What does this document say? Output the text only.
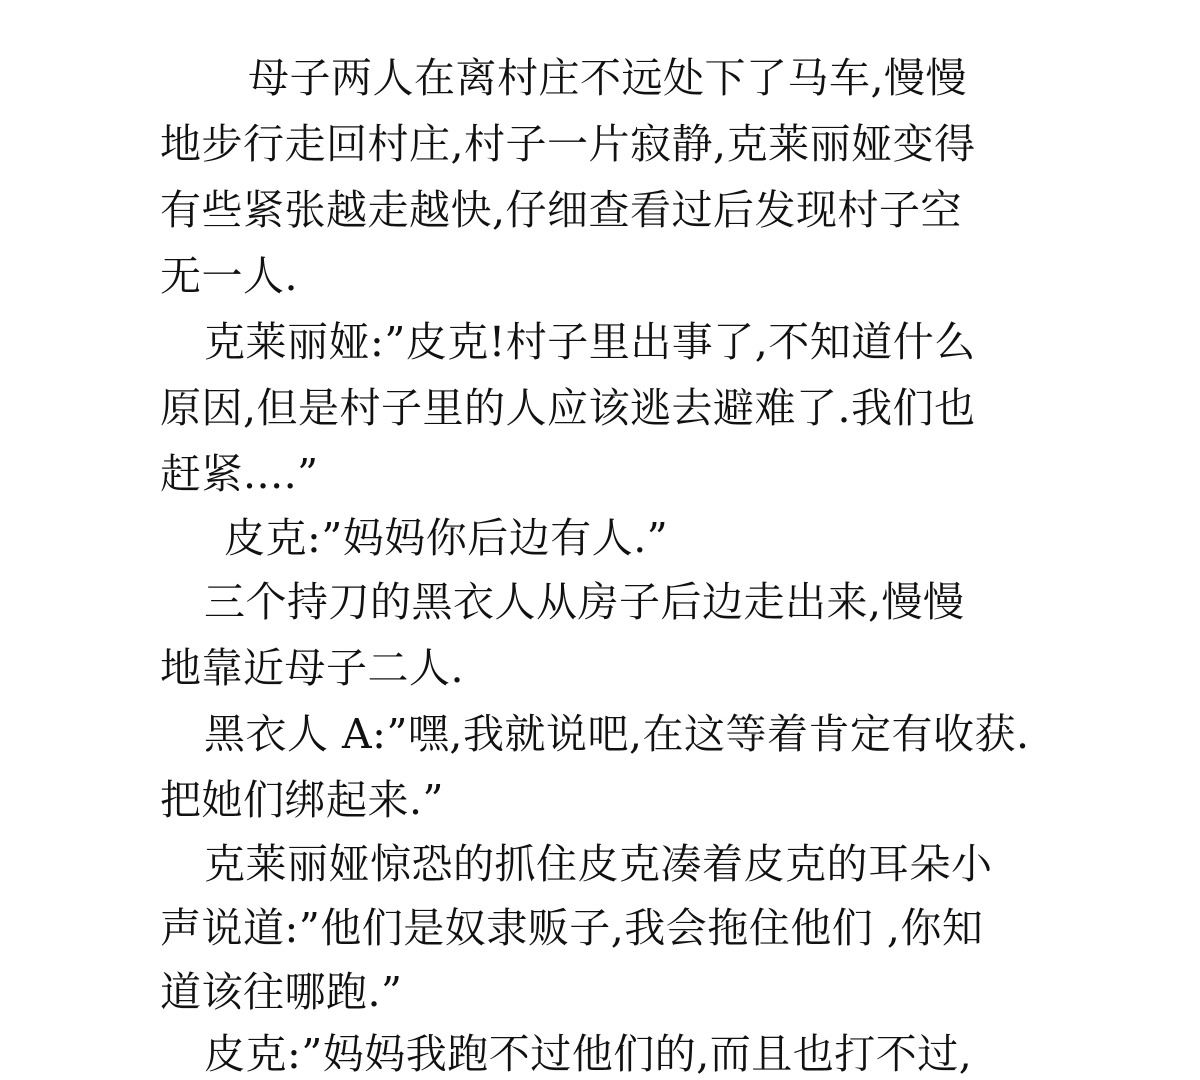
母子两人在离村庄不远处下了马车,慢慢
地步行走回村庄,村子一片寂静,克莱丽娅变得
有些紧张越走越快,仔细查看过后发现村子空
无一人.
克莱丽娅:”皮克!村子里出事了,不知道什么
原因,但是村子里的人应该逃去避难了.我们也
赶紧....”
皮克:”妈妈你后边有人.”
三个持刀的黑衣人从房子后边走出来,慢慢
地靠近母子二人.
黑衣人 A:”嘿,我就说吧,在这等着肯定有收获.
把她们绑起来.”
克莱丽娅惊恐的抓住皮克凑着皮克的耳朵小
声说道:”他们是奴隶贩子,我会拖住他们 ,你知
道该往哪跑.”
皮克:”妈妈我跑不过他们的,而且也打不过,
